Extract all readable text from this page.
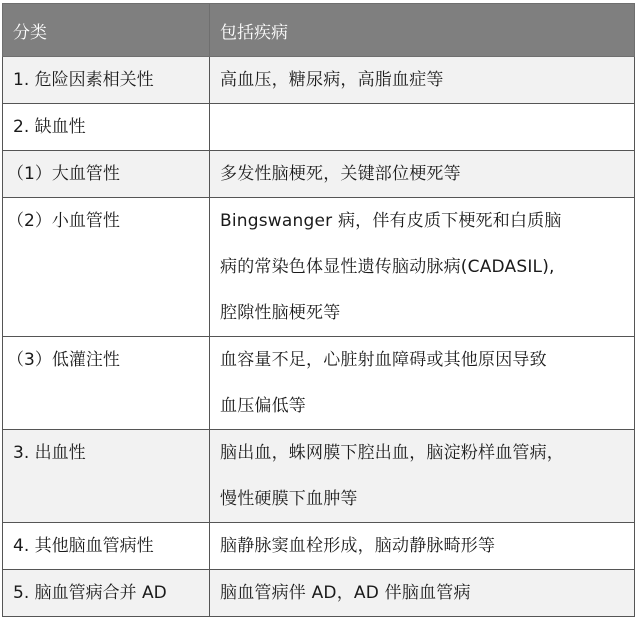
分类	包括疾病
1. 危险因素相关性	高血压，糖尿病，高脂血症等

2. 缺血性	
（1）大血管性	多发性脑梗死，关键部位梗死等

（2）小血管性	Bingswanger 病，伴有皮质下梗死和白质脑
病的常染色体显性遗传脑动脉病(CADASIL),
腔隙性脑梗死等

（3）低灌注性	血容量不足，心脏射血障碍或其他原因导致
血压偏低等

3. 出血性	脑出血，蛛网膜下腔出血，脑淀粉样血管病，
慢性硬膜下血肿等

4. 其他脑血管病性	脑静脉窦血栓形成，脑动静脉畸形等

5. 脑血管病合并 AD	脑血管病伴 AD，AD 伴脑血管病
